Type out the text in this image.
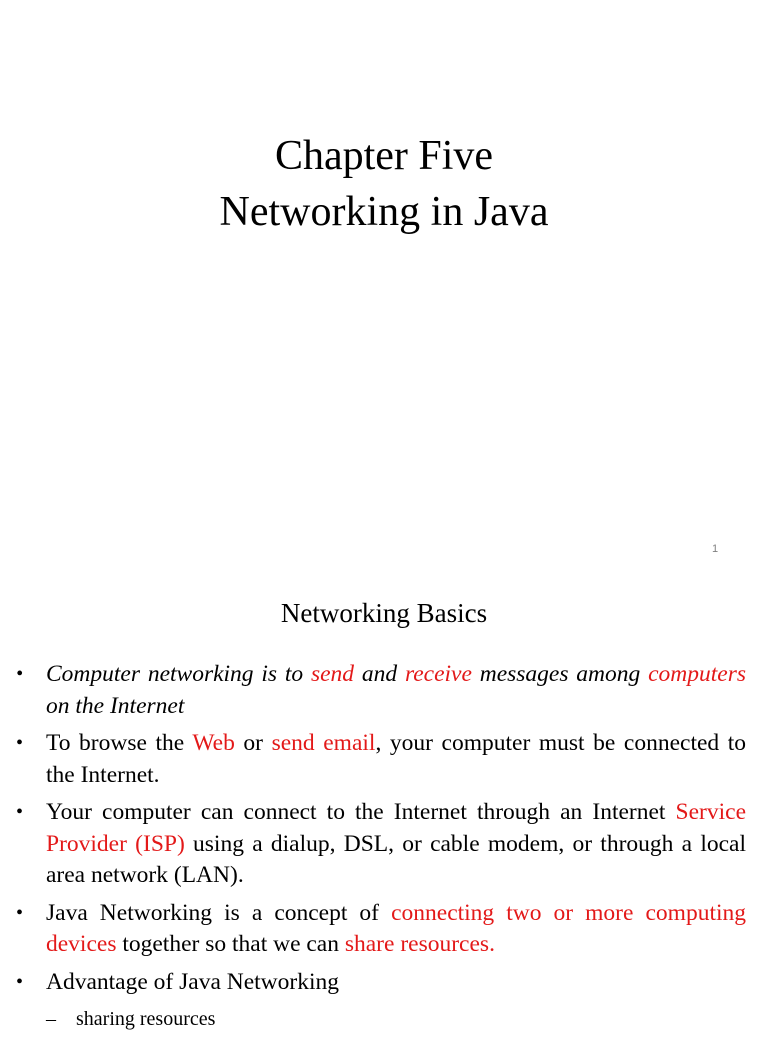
Chapter Five
Networking in Java
1
Networking Basics
• Computer networking is to send and receive messages among computers on the Internet
• To browse the Web or send email, your computer must be connected to the Internet.
• Your computer can connect to the Internet through an Internet Service Provider (ISP) using a dialup, DSL, or cable modem, or through a local area network (LAN).
• Java Networking is a concept of connecting two or more computing devices together so that we can share resources.
• Advantage of Java Networking
– sharing resources
